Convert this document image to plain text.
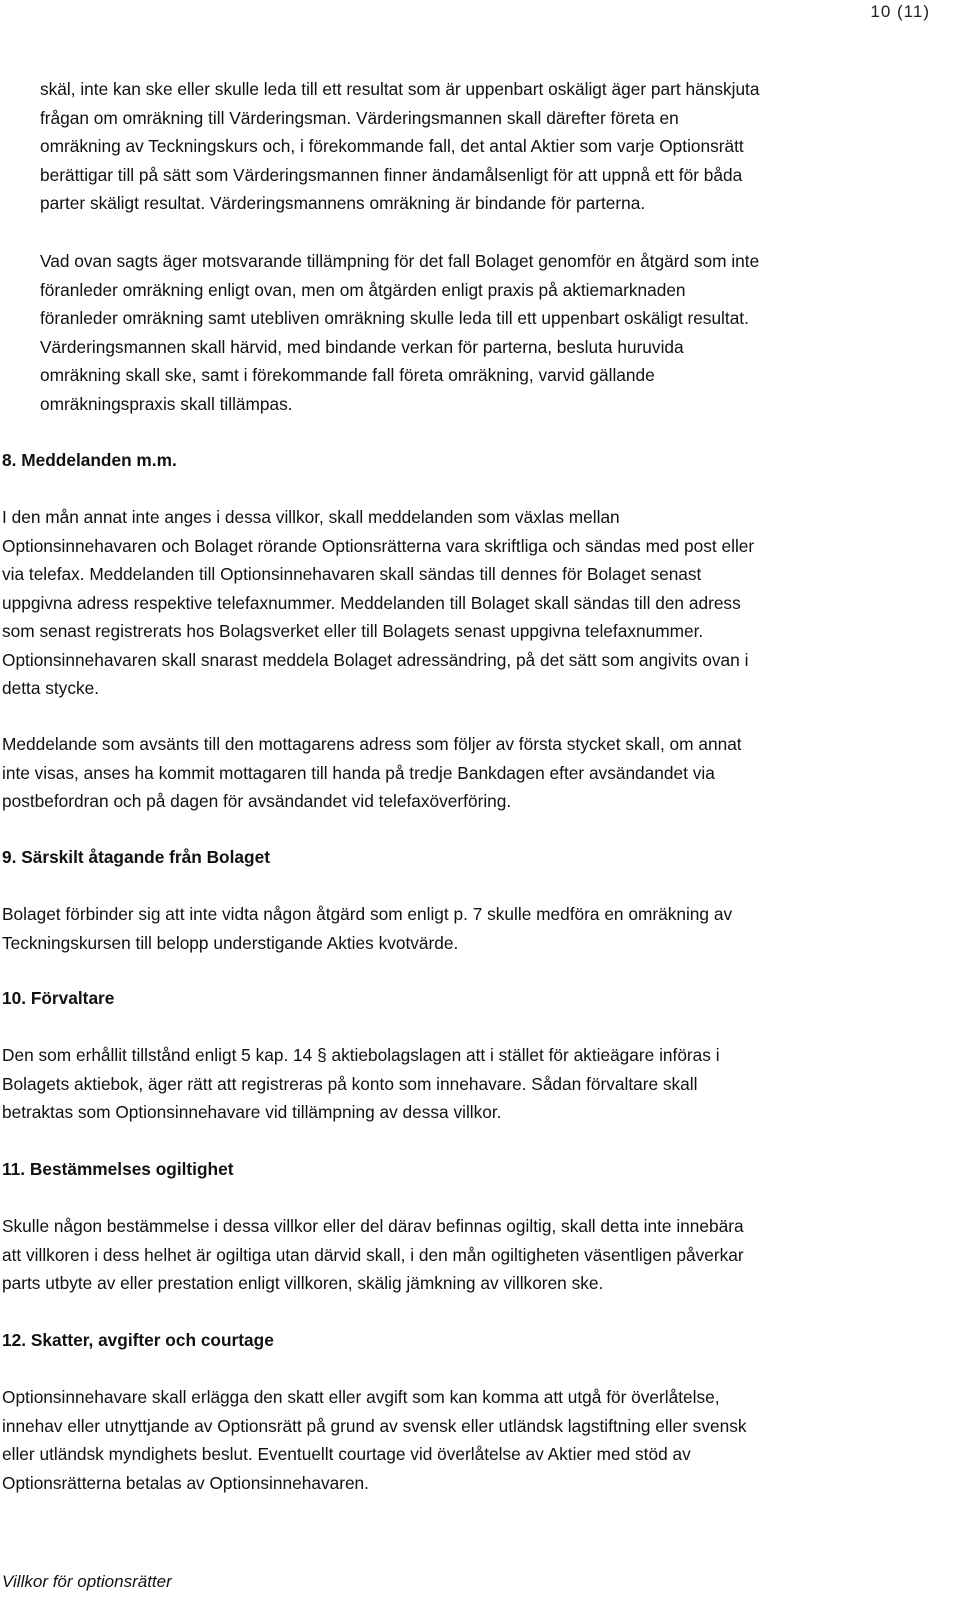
10 (11)
skäl, inte kan ske eller skulle leda till ett resultat som är uppenbart oskäligt äger part hänskjuta
frågan om omräkning till Värderingsman. Värderingsmannen skall därefter företa en
omräkning av Teckningskurs och, i förekommande fall, det antal Aktier som varje Optionsrätt
berättigar till på sätt som Värderingsmannen finner ändamålsenligt för att uppnå ett för båda
parter skäligt resultat. Värderingsmannens omräkning är bindande för parterna.
Vad ovan sagts äger motsvarande tillämpning för det fall Bolaget genomför en åtgärd som inte
föranleder omräkning enligt ovan, men om åtgärden enligt praxis på aktiemarknaden
föranleder omräkning samt utebliven omräkning skulle leda till ett uppenbart oskäligt resultat.
Värderingsmannen skall härvid, med bindande verkan för parterna, besluta huruvida
omräkning skall ske, samt i förekommande fall företa omräkning, varvid gällande
omräkningspraxis skall tillämpas.
8. Meddelanden m.m.
I den mån annat inte anges i dessa villkor, skall meddelanden som växlas mellan
Optionsinnehavaren och Bolaget rörande Optionsrätterna vara skriftliga och sändas med post eller
via telefax. Meddelanden till Optionsinnehavaren skall sändas till dennes för Bolaget senast
uppgivna adress respektive telefaxnummer. Meddelanden till Bolaget skall sändas till den adress
som senast registrerats hos Bolagsverket eller till Bolagets senast uppgivna telefaxnummer.
Optionsinnehavaren skall snarast meddela Bolaget adressändring, på det sätt som angivits ovan i
detta stycke.
Meddelande som avsänts till den mottagarens adress som följer av första stycket skall, om annat
inte visas, anses ha kommit mottagaren till handa på tredje Bankdagen efter avsändandet via
postbefordran och på dagen för avsändandet vid telefaxöverföring.
9. Särskilt åtagande från Bolaget
Bolaget förbinder sig att inte vidta någon åtgärd som enligt p. 7 skulle medföra en omräkning av
Teckningskursen till belopp understigande Akties kvotvärde.
10. Förvaltare
Den som erhållit tillstånd enligt 5 kap. 14 § aktiebolagslagen att i stället för aktieägare införas i
Bolagets aktiebok, äger rätt att registreras på konto som innehavare. Sådan förvaltare skall
betraktas som Optionsinnehavare vid tillämpning av dessa villkor.
11. Bestämmelses ogiltighet
Skulle någon bestämmelse i dessa villkor eller del därav befinnas ogiltig, skall detta inte innebära
att villkoren i dess helhet är ogiltiga utan därvid skall, i den mån ogiltigheten väsentligen påverkar
parts utbyte av eller prestation enligt villkoren, skälig jämkning av villkoren ske.
12. Skatter, avgifter och courtage
Optionsinnehavare skall erlägga den skatt eller avgift som kan komma att utgå för överlåtelse,
innehav eller utnyttjande av Optionsrätt på grund av svensk eller utländsk lagstiftning eller svensk
eller utländsk myndighets beslut. Eventuellt courtage vid överlåtelse av Aktier med stöd av
Optionsrätterna betalas av Optionsinnehavaren.
Villkor för optionsrätter
